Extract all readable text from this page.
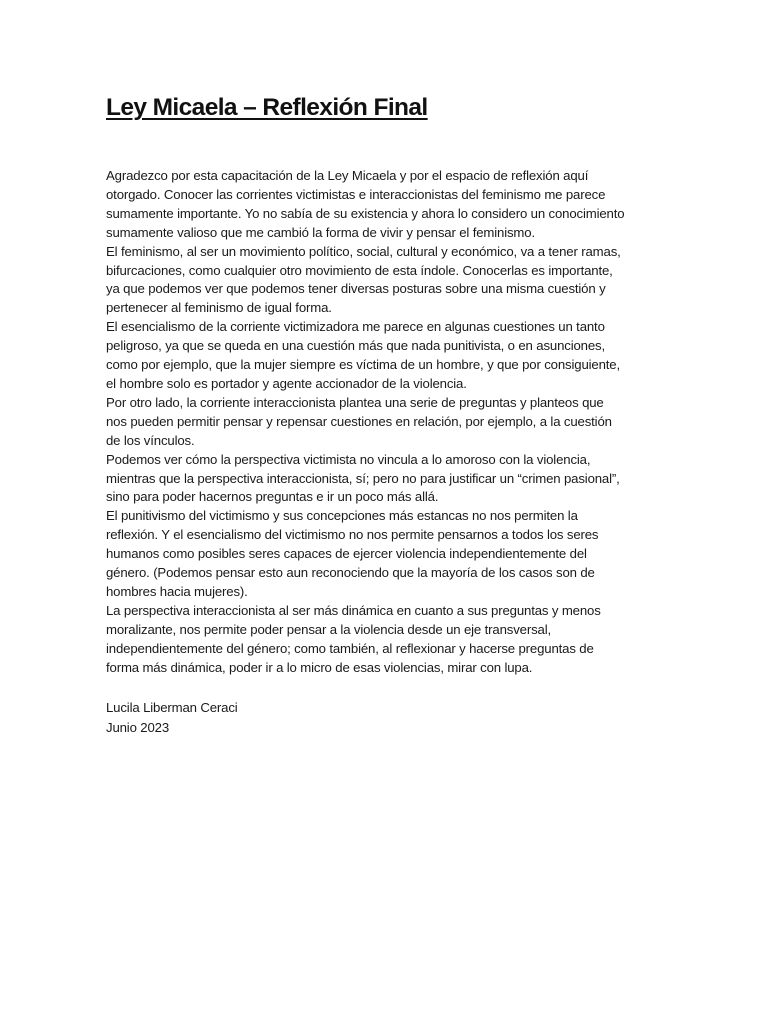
Ley Micaela – Reflexión Final

Agradezco por esta capacitación de la Ley Micaela y por el espacio de reflexión aquí
otorgado. Conocer las corrientes victimistas e interaccionistas del feminismo me parece
sumamente importante. Yo no sabía de su existencia y ahora lo considero un conocimiento
sumamente valioso que me cambió la forma de vivir y pensar el feminismo.

El feminismo, al ser un movimiento político, social, cultural y económico, va a tener ramas,
bifurcaciones, como cualquier otro movimiento de esta índole. Conocerlas es importante,
ya que podemos ver que podemos tener diversas posturas sobre una misma cuestión y
pertenecer al feminismo de igual forma.

El esencialismo de la corriente victimizadora me parece en algunas cuestiones un tanto
peligroso, ya que se queda en una cuestión más que nada punitivista, o en asunciones,
como por ejemplo, que la mujer siempre es víctima de un hombre, y que por consiguiente,
el hombre solo es portador y agente accionador de la violencia.

Por otro lado, la corriente interaccionista plantea una serie de preguntas y planteos que
nos pueden permitir pensar y repensar cuestiones en relación, por ejemplo, a la cuestión
de los vínculos.

Podemos ver cómo la perspectiva victimista no vincula a lo amoroso con la violencia,
mientras que la perspectiva interaccionista, sí; pero no para justificar un “crimen pasional”,
sino para poder hacernos preguntas e ir un poco más allá.

El punitivismo del victimismo y sus concepciones más estancas no nos permiten la
reflexión. Y el esencialismo del victimismo no nos permite pensarnos a todos los seres
humanos como posibles seres capaces de ejercer violencia independientemente del
género. (Podemos pensar esto aun reconociendo que la mayoría de los casos son de
hombres hacia mujeres).

La perspectiva interaccionista al ser más dinámica en cuanto a sus preguntas y menos
moralizante, nos permite poder pensar a la violencia desde un eje transversal,
independientemente del género; como también, al reflexionar y hacerse preguntas de
forma más dinámica, poder ir a lo micro de esas violencias, mirar con lupa.

Lucila Liberman Ceraci
Junio 2023
